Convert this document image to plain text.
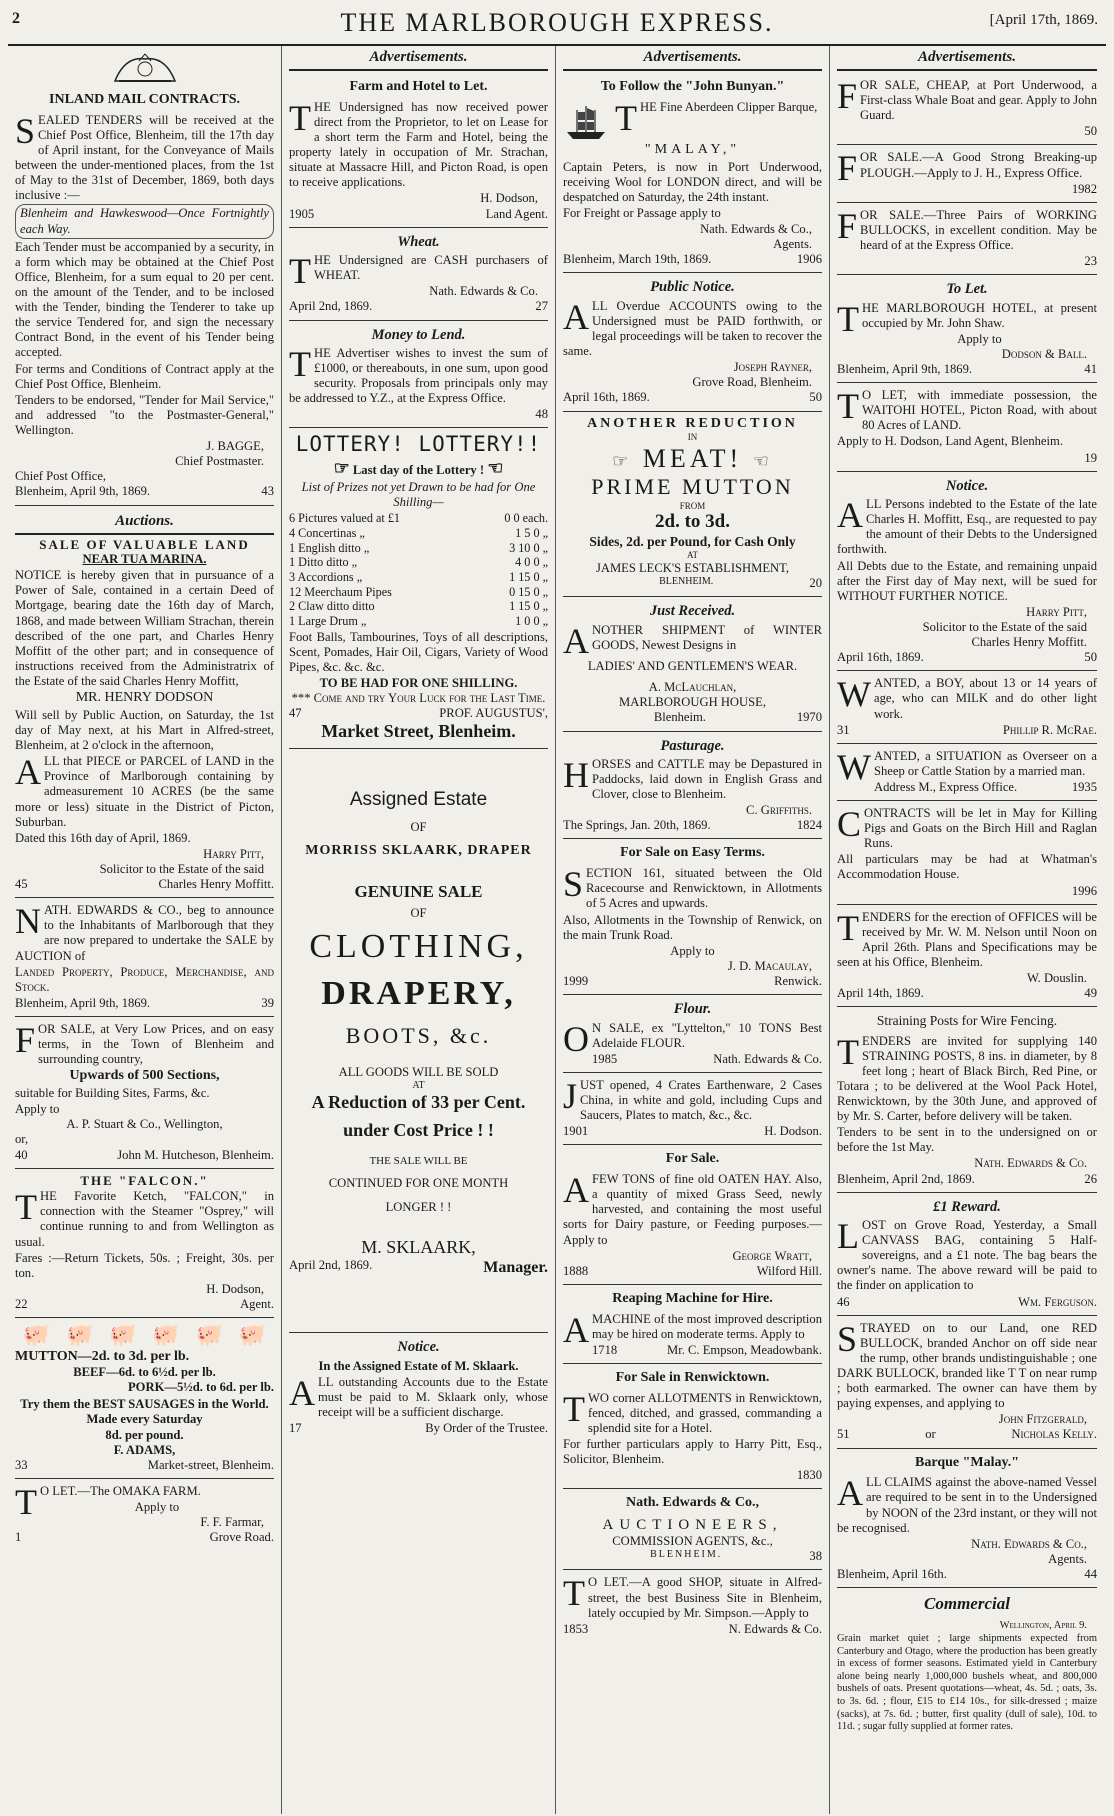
2	THE MARLBOROUGH EXPRESS.	[April 17th, 1869.
INLAND MAIL CONTRACTS.

SEALED TENDERS will be received at the Chief Post Office, Blenheim, till the 17th day of April instant, for the Conveyance of Mails between the under-mentioned places, from the 1st of May to the 31st of December, 1869, both days inclusive :—

Blenheim and Hawkeswood—Once Fortnightly each Way.

Each Tender must be accompanied by a security, in a form which may be obtained at the Chief Post Office, Blenheim, for a sum equal to 20 per cent. on the amount of the Tender, and to be inclosed with the Tender, binding the Tenderer to take up the service Tendered for, and sign the necessary Contract Bond, in the event of his Tender being accepted.

For terms and Conditions of Contract apply at the Chief Post Office, Blenheim.

Tenders to be endorsed, "Tender for Mail Service," and addressed "to the Postmaster-General," Wellington.

J. BAGGE,
Chief Postmaster.
Chief Post Office,
Blenheim, April 9th, 1869.	43
Auctions.
SALE OF VALUABLE LAND
NEAR TUA MARINA.

NOTICE is hereby given that in pursuance of a Power of Sale, contained in a certain Deed of Mortgage, bearing date the 16th day of March, 1868, and made between William Strachan, therein described of the one part, and Charles Henry Moffitt of the other part; and in consequence of instructions received from the Administratrix of the Estate of the said Charles Henry Moffitt,

MR. HENRY DODSON

Will sell by Public Auction, on Saturday, the 1st day of May next, at his Mart in Alfred-street, Blenheim, at 2 o'clock in the afternoon,

ALL that PIECE or PARCEL of LAND in the Province of Marlborough containing by admeasurement 10 ACRES (be the same more or less) situate in the District of Picton, Suburban.

Dated this 16th day of April, 1869.

Harry Pitt,
Solicitor to the Estate of the said
45	Charles Henry Moffitt.

NATH. EDWARDS & CO., beg to announce to the Inhabitants of Marlborough that they are now prepared to undertake the SALE by AUCTION of

Landed Property, Produce, Merchandise, and Stock.

Blenheim, April 9th, 1869.	39

FOR SALE, at Very Low Prices, and on easy terms, in the Town of Blenheim and surrounding country,

Upwards of 500 Sections,

suitable for Building Sites, Farms, &c.

Apply to
A. P. Stuart & Co., Wellington,
or,
40	John M. Hutcheson, Blenheim.
THE "FALCON."

THE Favorite Ketch, "FALCON," in connection with the Steamer "Osprey," will continue running to and from Wellington as usual.

Fares :—Return Tickets, 50s. ; Freight, 30s. per ton.

H. Dodson,
22	Agent.
🐖 🐖 🐖 🐖 🐖 🐖
MUTTON—2d. to 3d. per lb.
BEEF—6d. to 6½d. per lb.
PORK—5½d. to 6d. per lb.

Try them the BEST SAUSAGES in the World. Made every Saturday

8d. per pound.
F. ADAMS,
33	Market-street, Blenheim.

TO LET.—The OMAKA FARM.

Apply to
F. F. Farmar,
1	Grove Road.
Advertisements.
Farm and Hotel to Let.

THE Undersigned has now received power direct from the Proprietor, to let on Lease for a short term the Farm and Hotel, being the property lately in occupation of Mr. Strachan, situate at Massacre Hill, and Picton Road, is open to receive applications.

H. Dodson,
1905	Land Agent.
Wheat.

THE Undersigned are CASH purchasers of WHEAT.

Nath. Edwards & Co.
April 2nd, 1869.	27
Money to Lend.

THE Advertiser wishes to invest the sum of £1000, or thereabouts, in one sum, upon good security. Proposals from principals only may be addressed to Y.Z., at the Express Office.

48
LOTTERY! LOTTERY!!
☞ Last day of the Lottery ! ☜

List of Prizes not yet Drawn to be had for One Shilling—

6 Pictures valued at £1	0 0 each.
4 Concertinas „	1 5 0 „
1 English ditto „	3 10 0 „
1 Ditto ditto „	4 0 0 „
3 Accordions „	1 15 0 „
12 Meerchaum Pipes	0 15 0 „
2 Claw ditto ditto	1 15 0 „
1 Large Drum „	1 0 0 „

Foot Balls, Tambourines, Toys of all descriptions, Scent, Pomades, Hair Oil, Cigars, Variety of Wood Pipes, &c. &c. &c.

TO BE HAD FOR ONE SHILLING.
*** Come and try Your Luck for the Last Time.
47	PROF. AUGUSTUS',
Market Street, Blenheim.
Assigned Estate
OF
MORRISS SKLAARK, DRAPER
GENUINE SALE
OF
CLOTHING,
DRAPERY,
BOOTS, &c.
ALL GOODS WILL BE SOLD
AT
A Reduction of 33 per Cent.
under Cost Price ! !
THE SALE WILL BE
CONTINUED FOR ONE MONTH
LONGER ! !
M. SKLAARK,
April 2nd, 1869.	Manager.
Notice.
In the Assigned Estate of M. Sklaark.

ALL outstanding Accounts due to the Estate must be paid to M. Sklaark only, whose receipt will be a sufficient discharge.

17	By Order of the Trustee.
Advertisements.
To Follow the "John Bunyan."

THE Fine Aberdeen Clipper Barque,

"MALAY,"

Captain Peters, is now in Port Underwood, receiving Wool for LONDON direct, and will be despatched on Saturday, the 24th instant.

For Freight or Passage apply to

Nath. Edwards & Co.,
Agents.
Blenheim, March 19th, 1869.	1906
Public Notice.

ALL Overdue ACCOUNTS owing to the Undersigned must be PAID forthwith, or legal proceedings will be taken to recover the same.

Joseph Rayner,
Grove Road, Blenheim.
April 16th, 1869.	50
ANOTHER REDUCTION
IN
☞ MEAT! ☜
PRIME MUTTON
FROM
2d. to 3d.
Sides, 2d. per Pound, for Cash Only
AT
JAMES LECK'S ESTABLISHMENT,
BLENHEIM.	20
Just Received.

ANOTHER SHIPMENT of WINTER GOODS, Newest Designs in

LADIES' AND GENTLEMEN'S WEAR.
A. McLauchlan,
MARLBOROUGH HOUSE,
Blenheim.	1970
Pasturage.

HORSES and CATTLE may be Depastured in Paddocks, laid down in English Grass and Clover, close to Blenheim.

C. Griffiths.
The Springs, Jan. 20th, 1869.	1824
For Sale on Easy Terms.

SECTION 161, situated between the Old Racecourse and Renwicktown, in Allotments of 5 Acres and upwards.

Also, Allotments in the Township of Renwick, on the main Trunk Road.

Apply to
J. D. Macaulay,
1999	Renwick.
Flour.

ON SALE, ex "Lyttelton," 10 TONS Best Adelaide FLOUR.

1985	Nath. Edwards & Co.

JUST opened, 4 Crates Earthenware, 2 Cases China, in white and gold, including Cups and Saucers, Plates to match, &c., &c.

1901	H. Dodson.
For Sale.

AFEW TONS of fine old OATEN HAY. Also, a quantity of mixed Grass Seed, newly harvested, and containing the most useful sorts for Dairy pasture, or Feeding purposes.—Apply to

George Wratt,
1888	Wilford Hill.
Reaping Machine for Hire.

AMACHINE of the most improved description may be hired on moderate terms. Apply to

1718	Mr. C. Empson, Meadowbank.
For Sale in Renwicktown.

TWO corner ALLOTMENTS in Renwicktown, fenced, ditched, and grassed, commanding a splendid site for a Hotel.

For further particulars apply to Harry Pitt, Esq., Solicitor, Blenheim.

1830
Nath. Edwards & Co.,
AUCTIONEERS,
COMMISSION AGENTS, &c.,
BLENHEIM.	38

TO LET.—A good SHOP, situate in Alfred-street, the best Business Site in Blenheim, lately occupied by Mr. Simpson.—Apply to

1853	N. Edwards & Co.
Advertisements.

FOR SALE, CHEAP, at Port Underwood, a First-class Whale Boat and gear. Apply to John Guard.

50

FOR SALE.—A Good Strong Breaking-up PLOUGH.—Apply to J. H., Express Office.

1982

FOR SALE.—Three Pairs of WORKING BULLOCKS, in excellent condition. May be heard of at the Express Office.

23
To Let.

THE MARLBOROUGH HOTEL, at present occupied by Mr. John Shaw.

Apply to
Dodson & Ball.
Blenheim, April 9th, 1869.	41

TO LET, with immediate possession, the WAITOHI HOTEL, Picton Road, with about 80 Acres of LAND.

Apply to H. Dodson, Land Agent, Blenheim.

19
Notice.

ALL Persons indebted to the Estate of the late Charles H. Moffitt, Esq., are requested to pay the amount of their Debts to the Undersigned forthwith.

All Debts due to the Estate, and remaining unpaid after the First day of May next, will be sued for WITHOUT FURTHER NOTICE.

Harry Pitt,
Solicitor to the Estate of the said
Charles Henry Moffitt.
April 16th, 1869.	50

WANTED, a BOY, about 13 or 14 years of age, who can MILK and do other light work.

31	Phillip R. McRae.

WANTED, a SITUATION as Overseer on a Sheep or Cattle Station by a married man.

Address M., Express Office.	1935

CONTRACTS will be let in May for Killing Pigs and Goats on the Birch Hill and Raglan Runs.

All particulars may be had at Whatman's Accommodation House.

1996

TENDERS for the erection of OFFICES will be received by Mr. W. M. Nelson until Noon on April 26th. Plans and Specifications may be seen at his Office, Blenheim.

W. Douslin.
April 14th, 1869.	49
Straining Posts for Wire Fencing.

TENDERS are invited for supplying 140 STRAINING POSTS, 8 ins. in diameter, by 8 feet long ; heart of Black Birch, Red Pine, or Totara ; to be delivered at the Wool Pack Hotel, Renwicktown, by the 30th June, and approved of by Mr. S. Carter, before delivery will be taken.

Tenders to be sent in to the undersigned on or before the 1st May.

Nath. Edwards & Co.
Blenheim, April 2nd, 1869.	26
£1 Reward.

LOST on Grove Road, Yesterday, a Small CANVASS BAG, containing 5 Half-sovereigns, and a £1 note. The bag bears the owner's name. The above reward will be paid to the finder on application to

46	Wm. Ferguson.

STRAYED on to our Land, one RED BULLOCK, branded Anchor on off side near the rump, other brands undistinguishable ; one DARK BULLOCK, branded like T T on near rump ; both earmarked. The owner can have them by paying expenses, and applying to

John Fitzgerald,
51	or	Nicholas Kelly.
Barque "Malay."

ALL CLAIMS against the above-named Vessel are required to be sent in to the Undersigned by NOON of the 23rd instant, or they will not be recognised.

Nath. Edwards & Co.,
Agents.
Blenheim, April 16th.	44
Commercial
Wellington, April 9.

Grain market quiet ; large shipments expected from Canterbury and Otago, where the production has been greatly in excess of former seasons. Estimated yield in Canterbury alone being nearly 1,000,000 bushels wheat, and 800,000 bushels of oats. Present quotations—wheat, 4s. 5d. ; oats, 3s. to 3s. 6d. ; flour, £15 to £14 10s., for silk-dressed ; maize (sacks), at 7s. 6d. ; butter, first quality (dull of sale), 10d. to 11d. ; sugar fully supplied at former rates.
